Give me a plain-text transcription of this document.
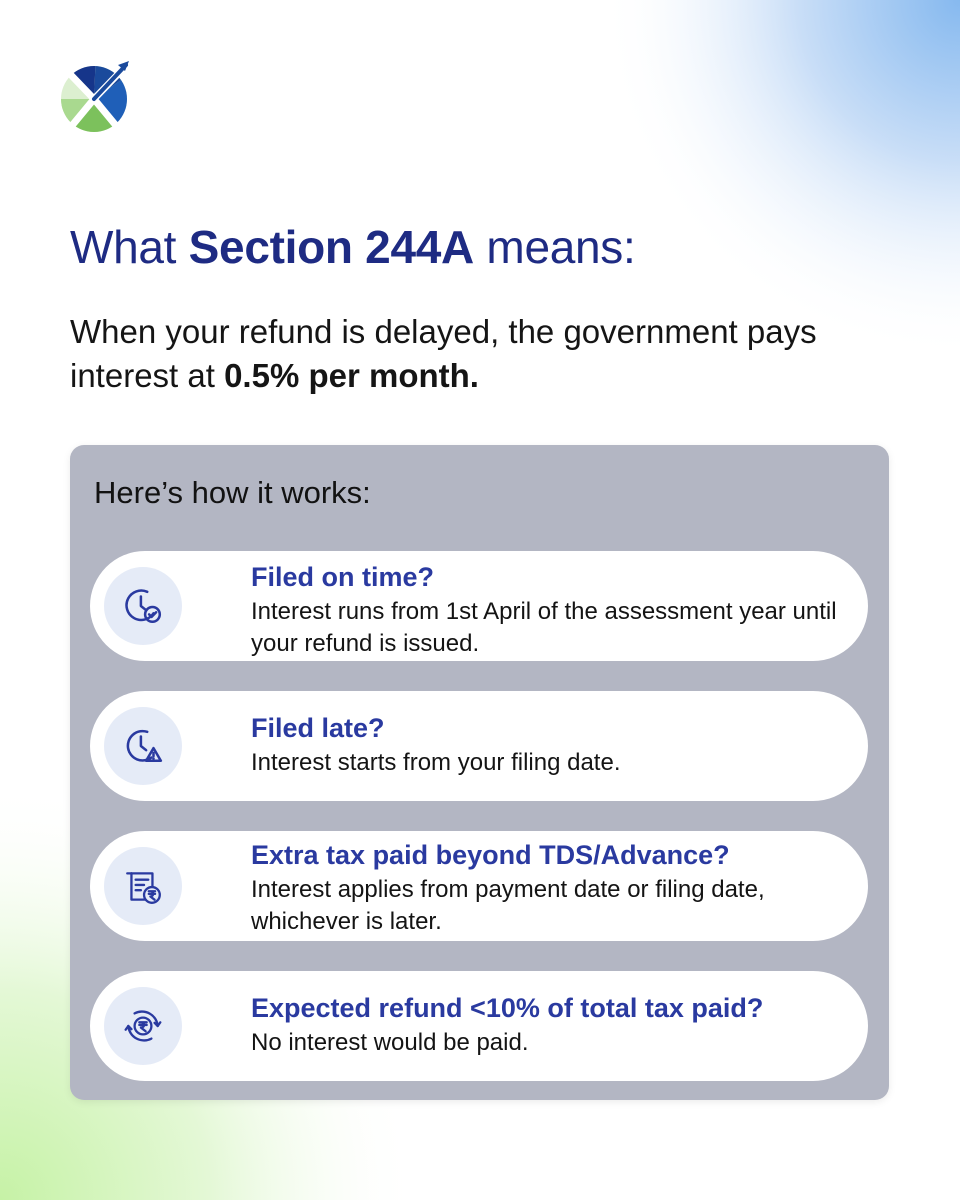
What Section 244A means:

When your refund is delayed, the government pays interest at 0.5% per month.

Here’s how it works:

Filed on time?

Interest runs from 1st April of the assessment year until your refund is issued.

Filed late?

Interest starts from your filing date.

Extra tax paid beyond TDS/Advance?

Interest applies from payment date or filing date, whichever is later.

Expected refund <10% of total tax paid?

No interest would be paid.
